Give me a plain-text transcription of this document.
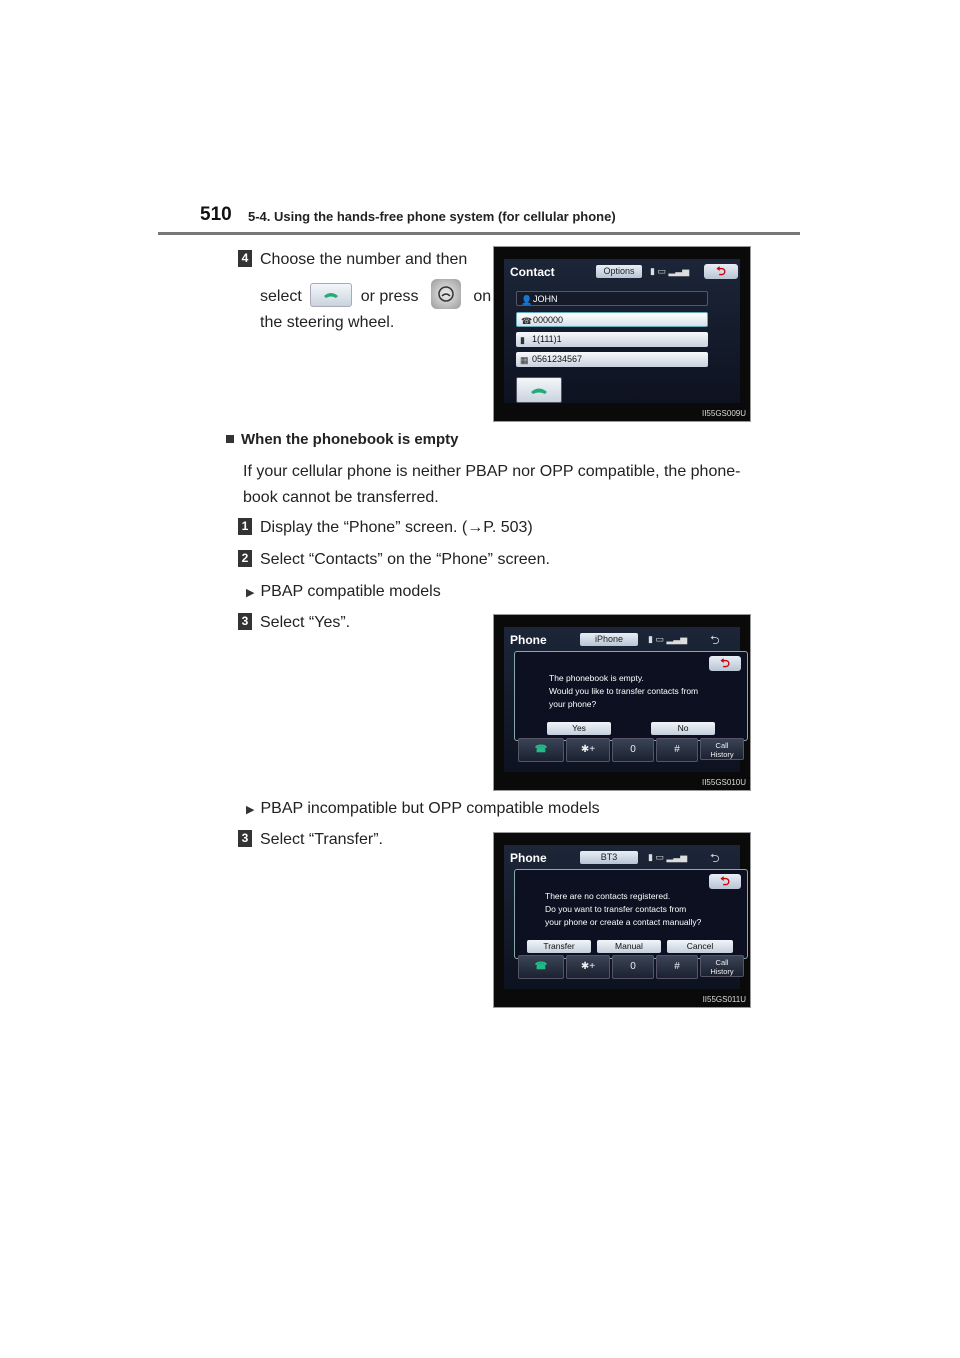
510 5-4. Using the hands-free phone system (for cellular phone)
4 Choose the number and then
select	or press	on
the steering wheel.
Contact	Options	▮ ▭ ▂▃▅	⮌
👤 JOHN
☎ 000000
▮ 1(111)1
▦ 0561234567
II55GS009U
When the phonebook is empty
If your cellular phone is neither PBAP nor OPP compatible, the phone-
book cannot be transferred.
1 Display the “Phone” screen. (→P. 503)
2 Select “Contacts” on the “Phone” screen.
▶ PBAP compatible models
3 Select “Yes”.
Phone	iPhone	▮ ▭ ▂▃▅ ⮌
⮌
The phonebook is empty.
Would you like to transfer contacts from
your phone?
Yes	No
☎	✱+	0	#	Call
History
II55GS010U
▶ PBAP incompatible but OPP compatible models
3 Select “Transfer”.
Phone	BT3	▮ ▭ ▂▃▅ ⮌
⮌
There are no contacts registered.
Do you want to transfer contacts from
your phone or create a contact manually?
Transfer	Manual	Cancel
☎	✱+	0	#	Call
History
II55GS011U
